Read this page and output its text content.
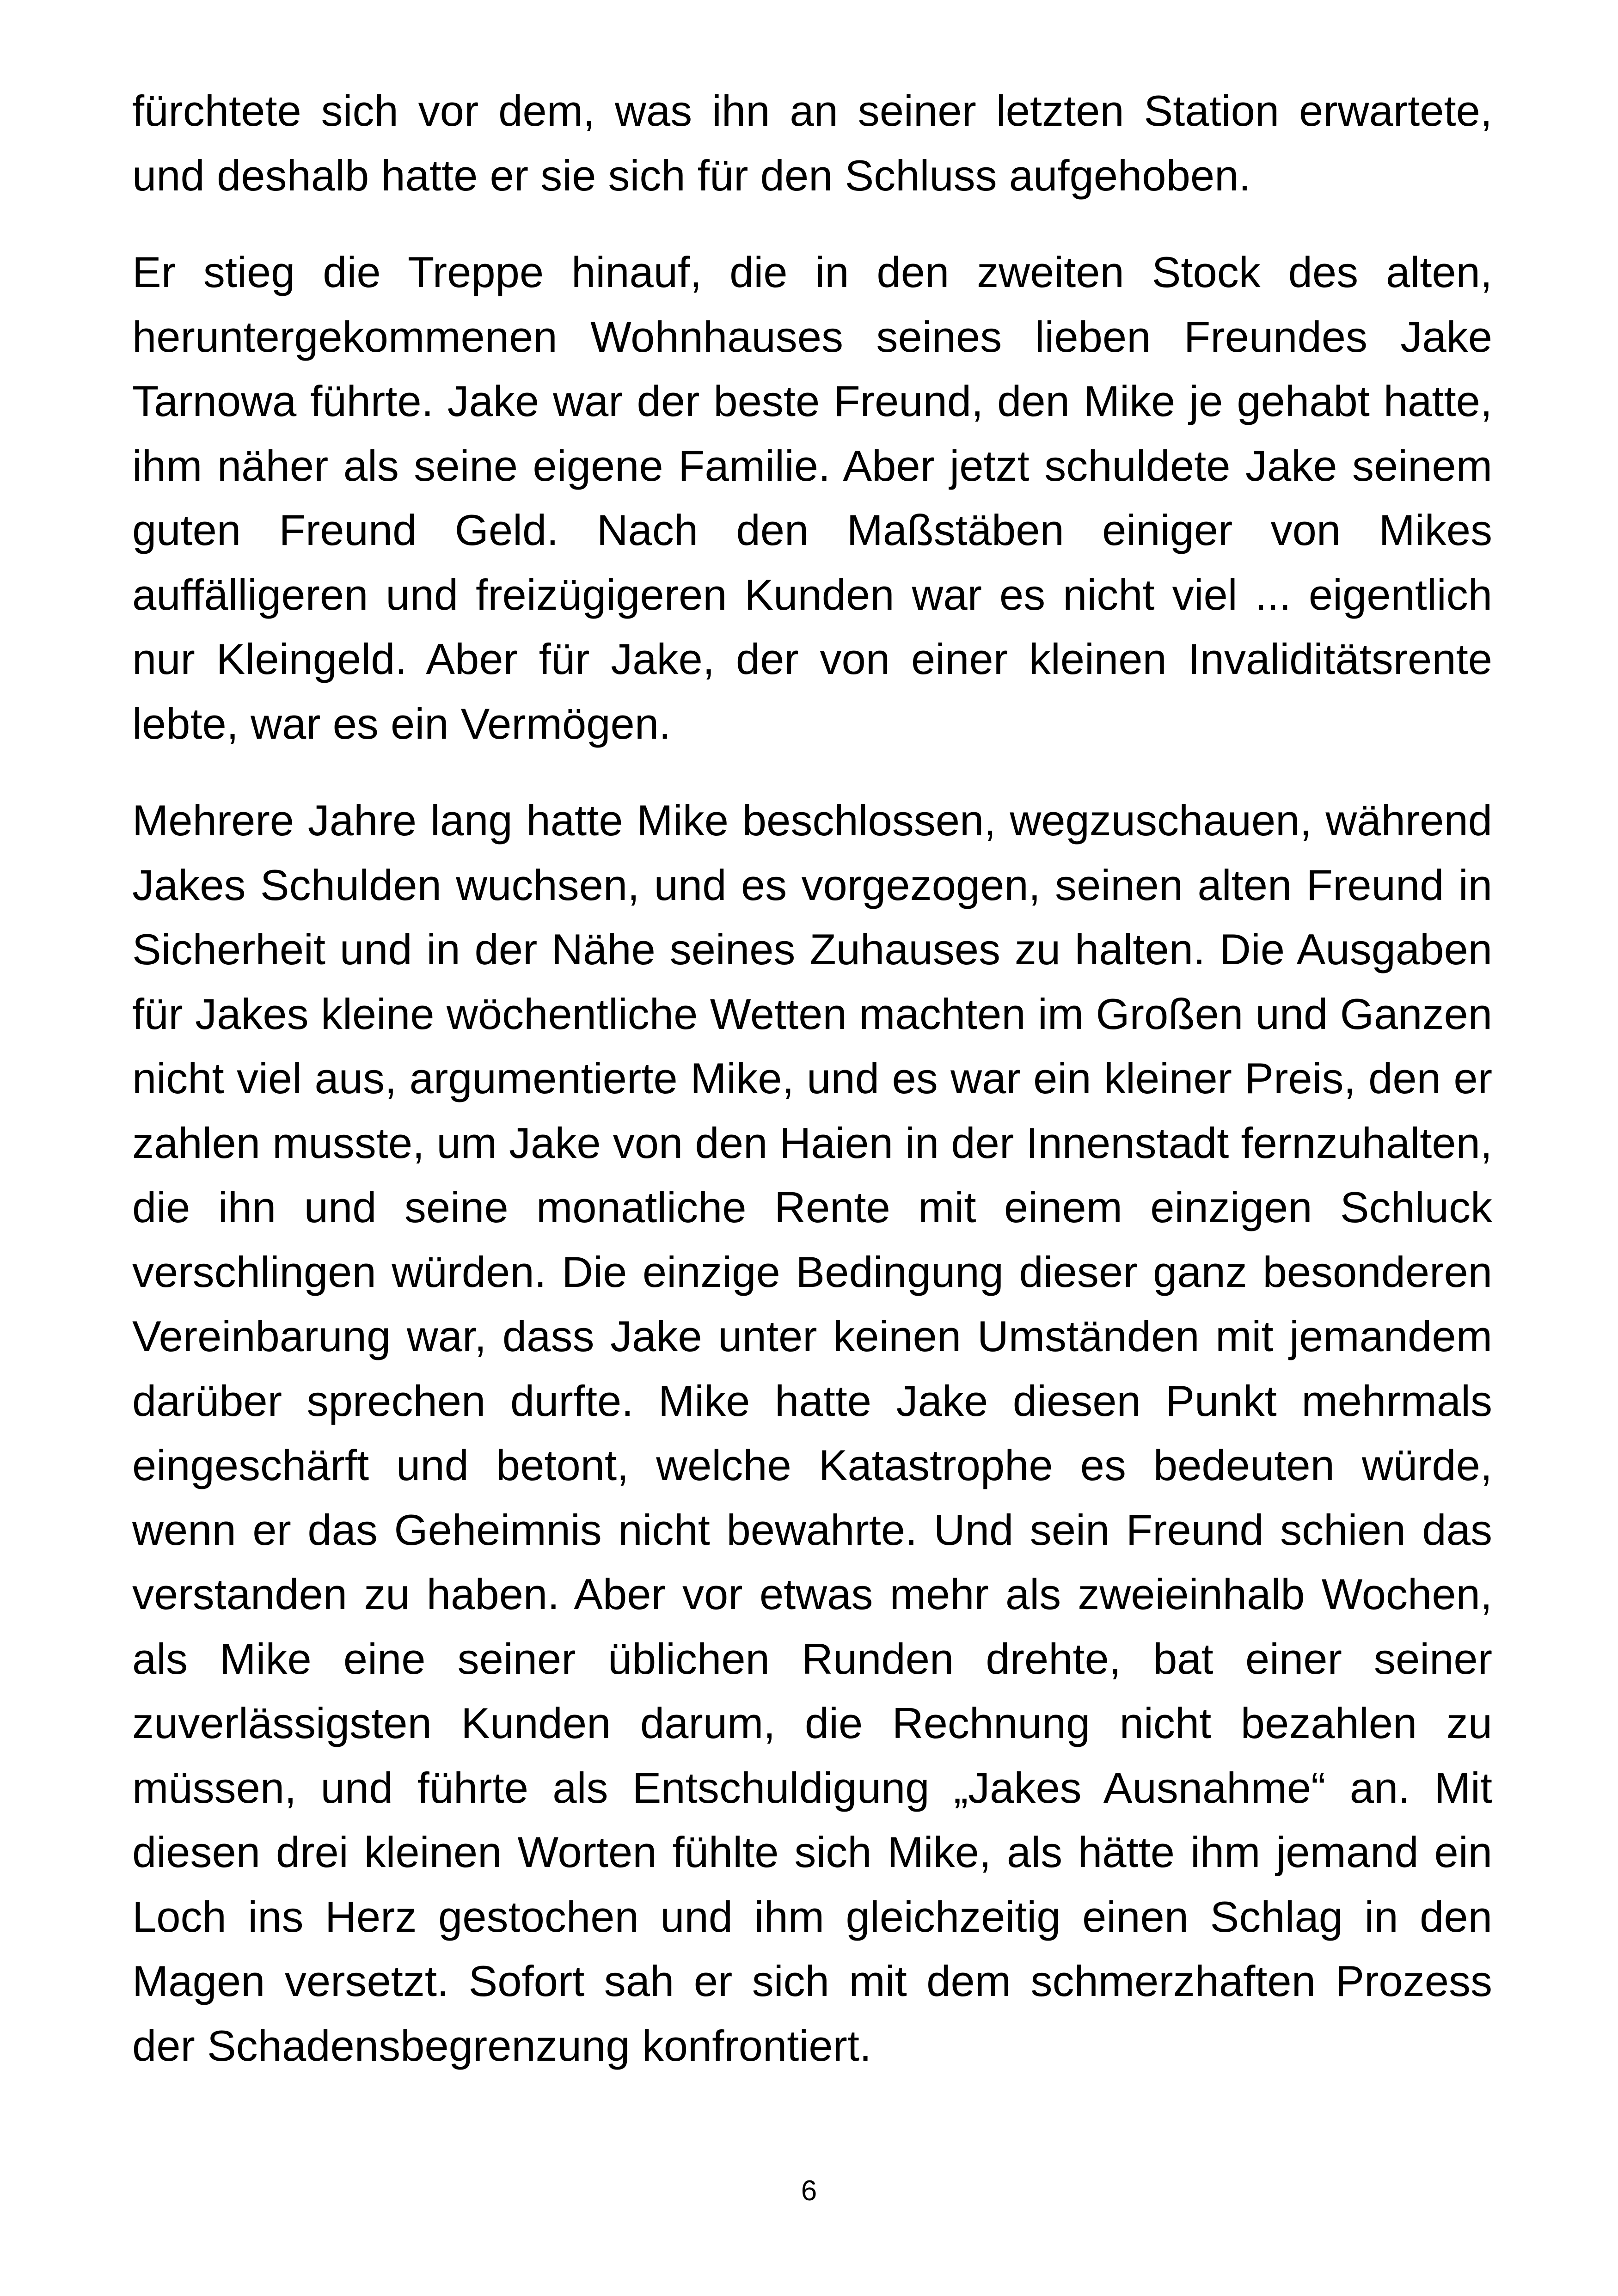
fürchtete sich vor dem, was ihn an seiner letzten Station erwartete, und deshalb hatte er sie sich für den Schluss aufgehoben.

Er stieg die Treppe hinauf, die in den zweiten Stock des alten, heruntergekommenen Wohnhauses seines lieben Freundes Jake Tarnowa führte. Jake war der beste Freund, den Mike je gehabt hatte, ihm näher als seine eigene Familie. Aber jetzt schuldete Jake seinem guten Freund Geld. Nach den Maßstäben einiger von Mikes auffälligeren und freizügigeren Kunden war es nicht viel ... eigentlich nur Kleingeld. Aber für Jake, der von einer kleinen Invaliditätsrente lebte, war es ein Vermögen.

Mehrere Jahre lang hatte Mike beschlossen, wegzuschauen, während Jakes Schulden wuchsen, und es vorgezogen, seinen alten Freund in Sicherheit und in der Nähe seines Zuhauses zu halten. Die Ausgaben für Jakes kleine wöchentliche Wetten machten im Großen und Ganzen nicht viel aus, argumentierte Mike, und es war ein kleiner Preis, den er zahlen musste, um Jake von den Haien in der Innenstadt fernzuhalten, die ihn und seine monatliche Rente mit einem einzigen Schluck verschlingen würden. Die einzige Bedingung dieser ganz besonderen Vereinbarung war, dass Jake unter keinen Umständen mit jemandem darüber sprechen durfte. Mike hatte Jake diesen Punkt mehrmals eingeschärft und betont, welche Katastrophe es bedeuten würde, wenn er das Geheimnis nicht bewahrte. Und sein Freund schien das verstanden zu haben. Aber vor etwas mehr als zweieinhalb Wochen, als Mike eine seiner üblichen Runden drehte, bat einer seiner zuverlässigsten Kunden darum, die Rechnung nicht bezahlen zu müssen, und führte als Entschuldigung „Jakes Ausnahme“ an. Mit diesen drei kleinen Worten fühlte sich Mike, als hätte ihm jemand ein Loch ins Herz gestochen und ihm gleichzeitig einen Schlag in den Magen versetzt. Sofort sah er sich mit dem schmerzhaften Prozess der Schadensbegrenzung konfrontiert.

6
